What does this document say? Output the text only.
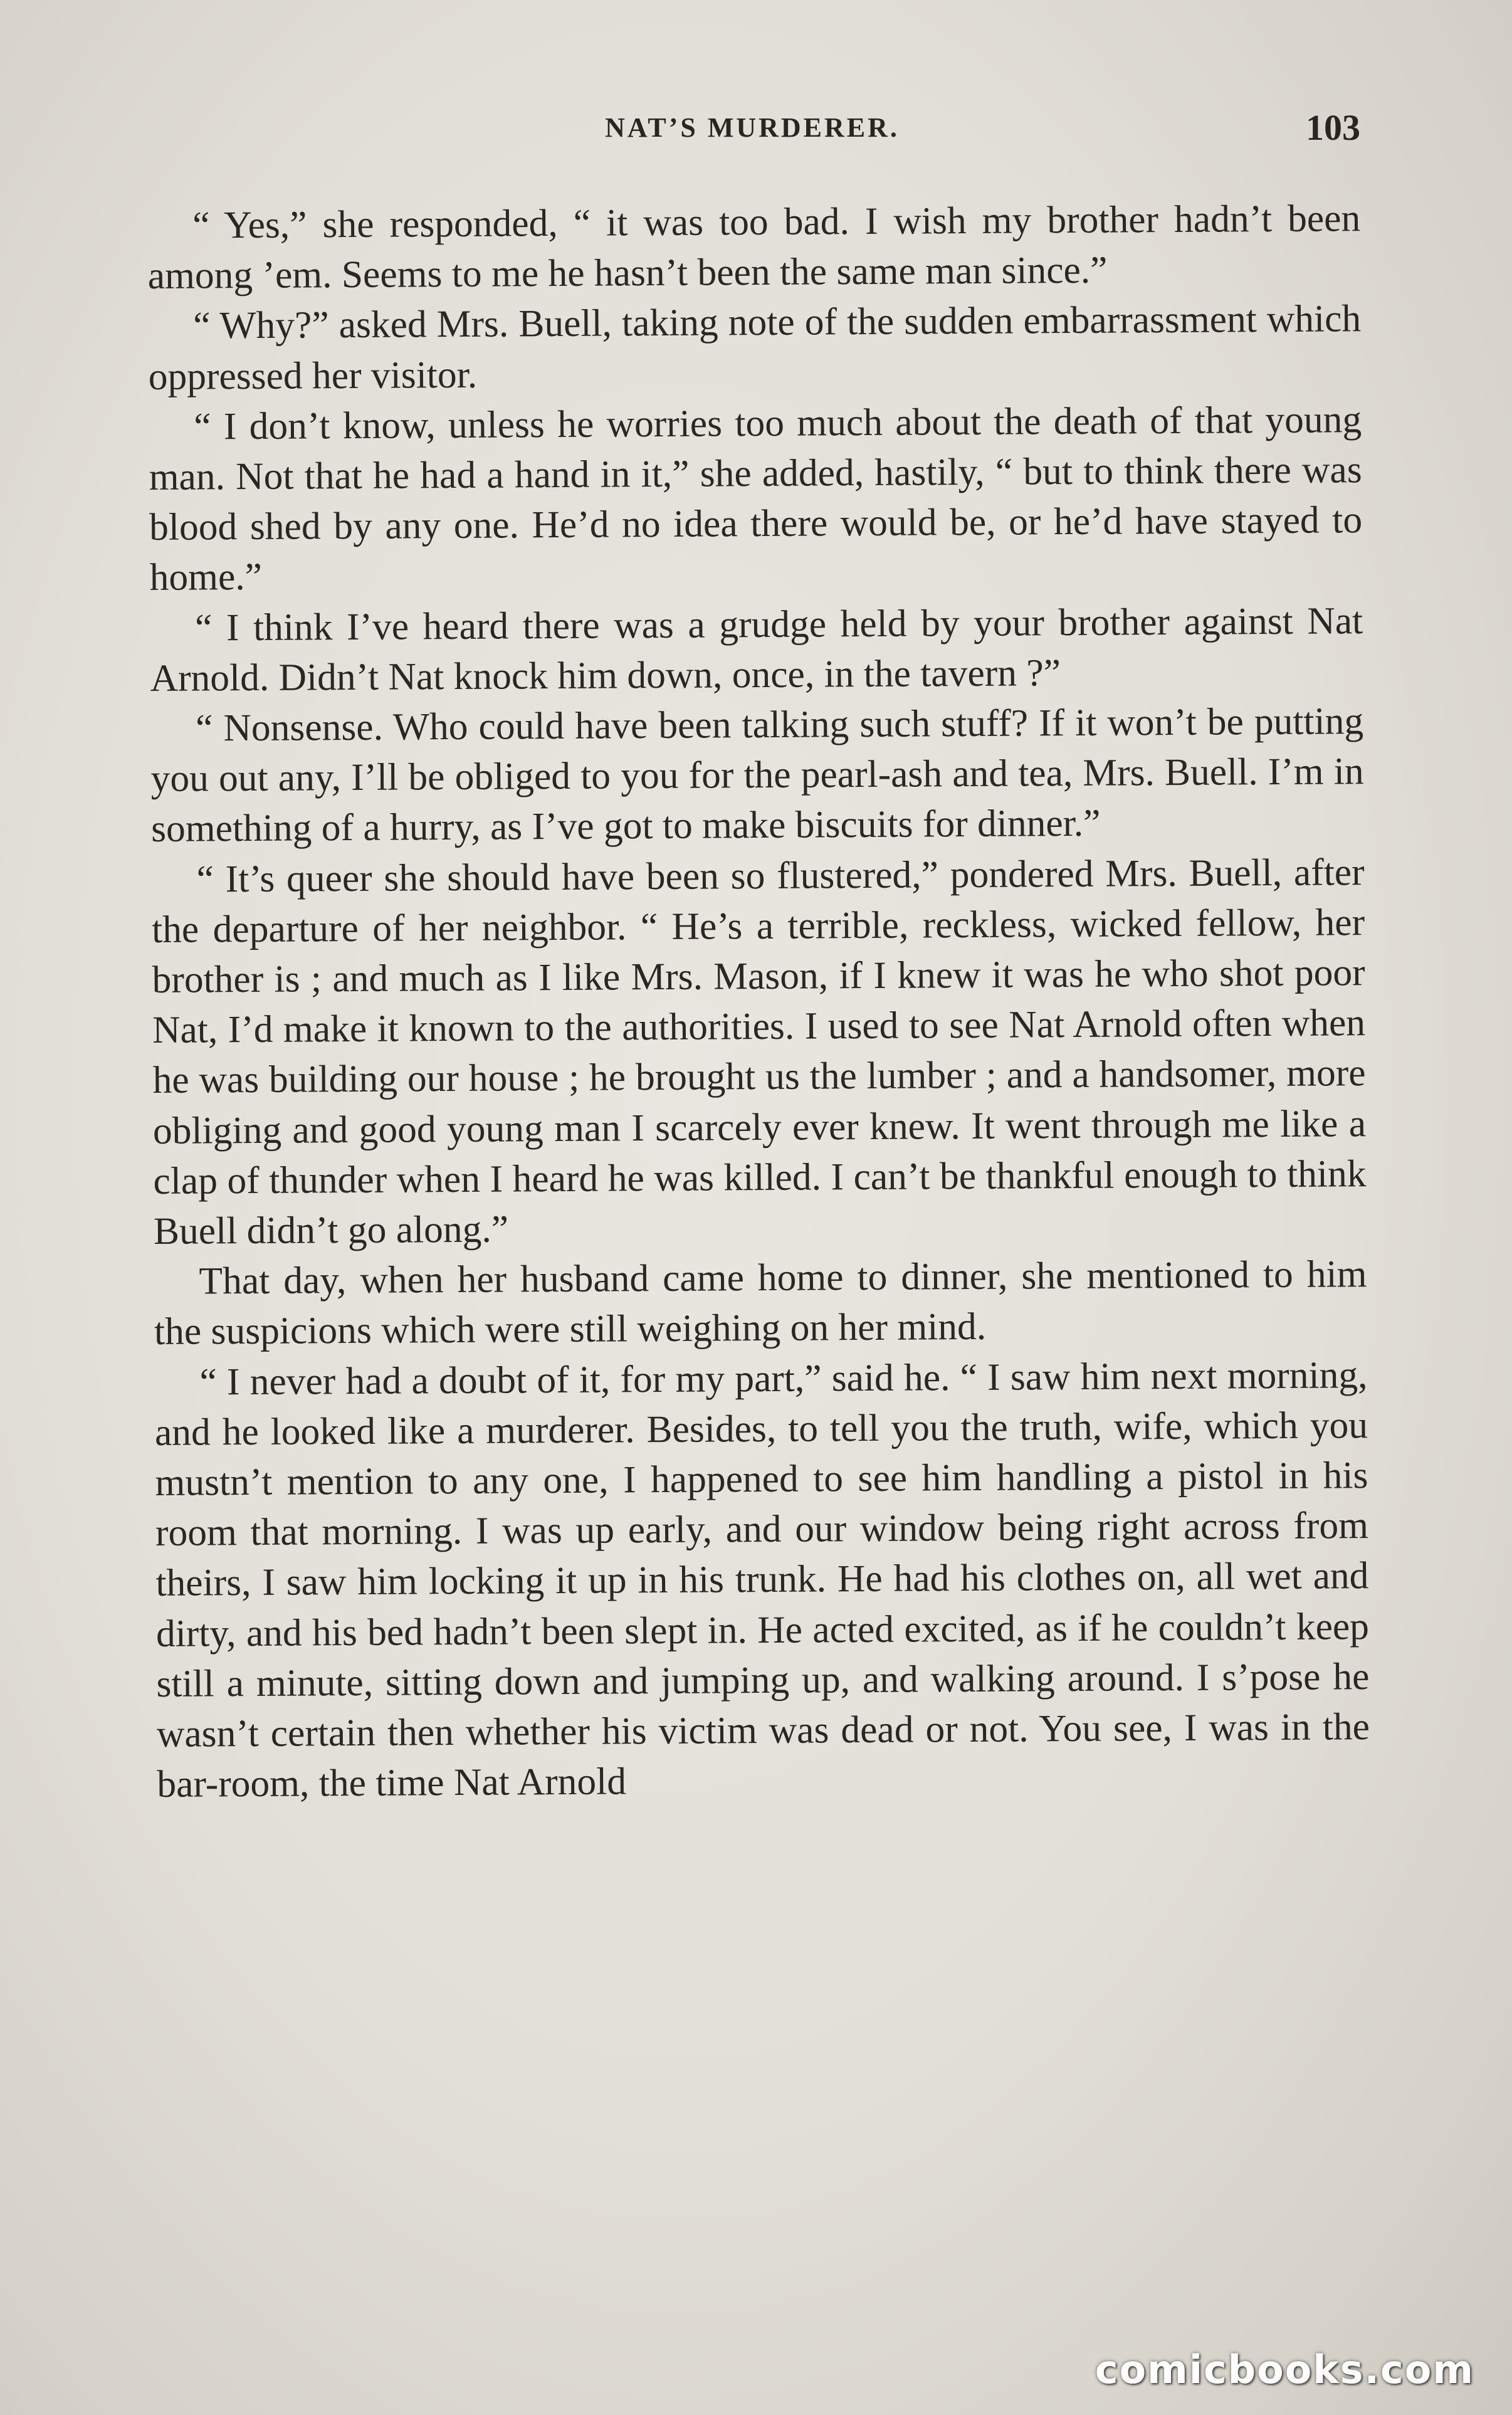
NAT’S MURDERER.	103

“ Yes,” she responded, “ it was too bad. I wish my brother hadn’t been among ’em. Seems to me he hasn’t been the same man since.”

“ Why?” asked Mrs. Buell, taking note of the sudden embarrassment which oppressed her visitor.

“ I don’t know, unless he worries too much about the death of that young man. Not that he had a hand in it,” she added, hastily, “ but to think there was blood shed by any one. He’d no idea there would be, or he’d have stayed to home.”

“ I think I’ve heard there was a grudge held by your brother against Nat Arnold. Didn’t Nat knock him down, once, in the tavern ?”

“ Nonsense. Who could have been talking such stuff? If it won’t be putting you out any, I’ll be obliged to you for the pearl-ash and tea, Mrs. Buell. I’m in something of a hurry, as I’ve got to make biscuits for dinner.”

“ It’s queer she should have been so flustered,” pondered Mrs. Buell, after the departure of her neighbor. “ He’s a terrible, reckless, wicked fellow, her brother is ; and much as I like Mrs. Mason, if I knew it was he who shot poor Nat, I’d make it known to the authorities. I used to see Nat Arnold often when he was building our house ; he brought us the lumber ; and a handsomer, more obliging and good young man I scarcely ever knew. It went through me like a clap of thunder when I heard he was killed. I can’t be thankful enough to think Buell didn’t go along.”

That day, when her husband came home to dinner, she mentioned to him the suspicions which were still weighing on her mind.

“ I never had a doubt of it, for my part,” said he. “ I saw him next morning, and he looked like a murderer. Besides, to tell you the truth, wife, which you mustn’t mention to any one, I happened to see him handling a pistol in his room that morning. I was up early, and our window being right across from theirs, I saw him locking it up in his trunk. He had his clothes on, all wet and dirty, and his bed hadn’t been slept in. He acted excited, as if he couldn’t keep still a minute, sitting down and jumping up, and walking around. I s’pose he wasn’t certain then whether his victim was dead or not. You see, I was in the bar-room, the time Nat Arnold

comicbooks.com
